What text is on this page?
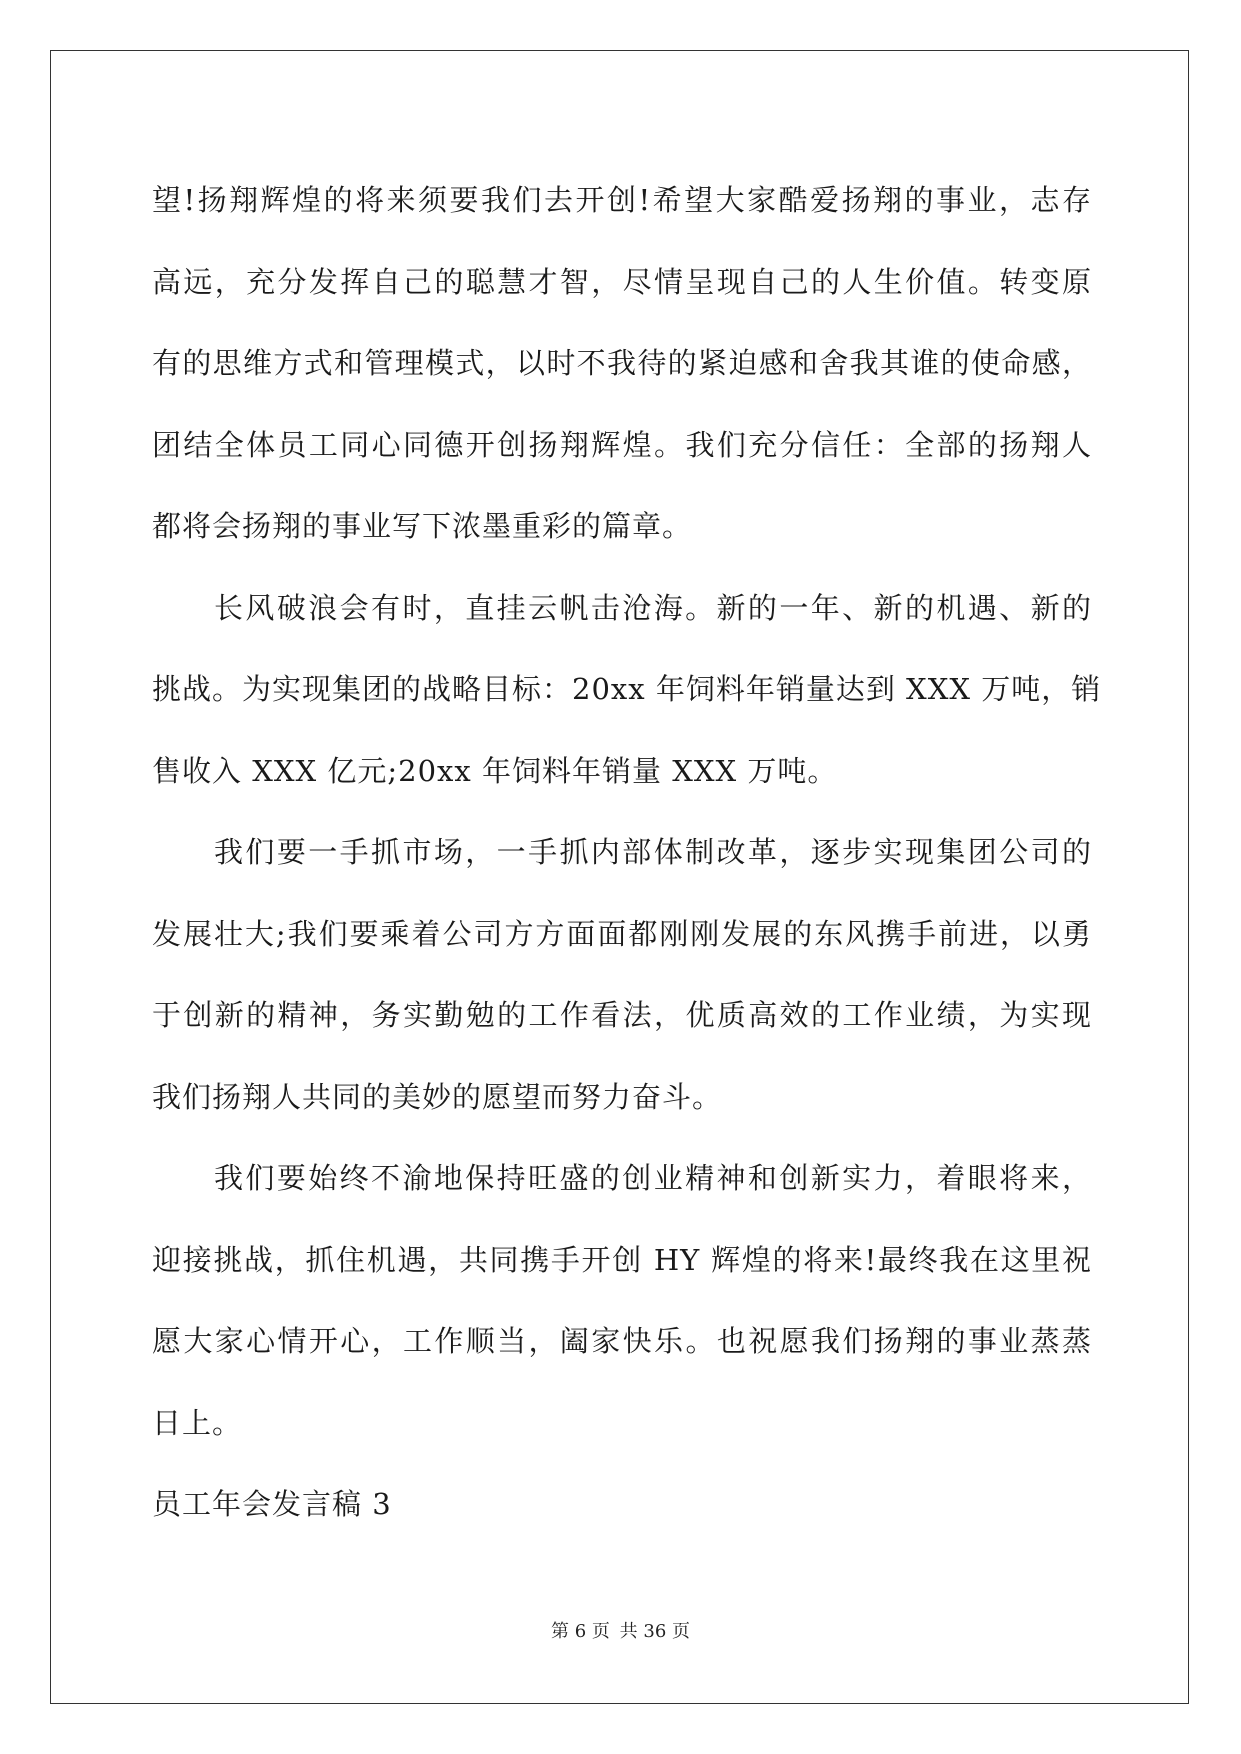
望!扬翔辉煌的将来须要我们去开创!希望大家酷爱扬翔的事业，志存
高远，充分发挥自己的聪慧才智，尽情呈现自己的人生价值。转变原
有的思维方式和管理模式，以时不我待的紧迫感和舍我其谁的使命感，
团结全体员工同心同德开创扬翔辉煌。我们充分信任：全部的扬翔人
都将会扬翔的事业写下浓墨重彩的篇章。
长风破浪会有时，直挂云帆击沧海。新的一年、新的机遇、新的
挑战。为实现集团的战略目标：20xx 年饲料年销量达到 XXX 万吨，销
售收入 XXX 亿元;20xx 年饲料年销量 XXX 万吨。
我们要一手抓市场，一手抓内部体制改革，逐步实现集团公司的
发展壮大;我们要乘着公司方方面面都刚刚发展的东风携手前进，以勇
于创新的精神，务实勤勉的工作看法，优质高效的工作业绩，为实现
我们扬翔人共同的美妙的愿望而努力奋斗。
我们要始终不渝地保持旺盛的创业精神和创新实力，着眼将来，
迎接挑战，抓住机遇，共同携手开创 HY 辉煌的将来!最终我在这里祝
愿大家心情开心，工作顺当，阖家快乐。也祝愿我们扬翔的事业蒸蒸
日上。
员工年会发言稿 3
第 6 页 共 36 页
